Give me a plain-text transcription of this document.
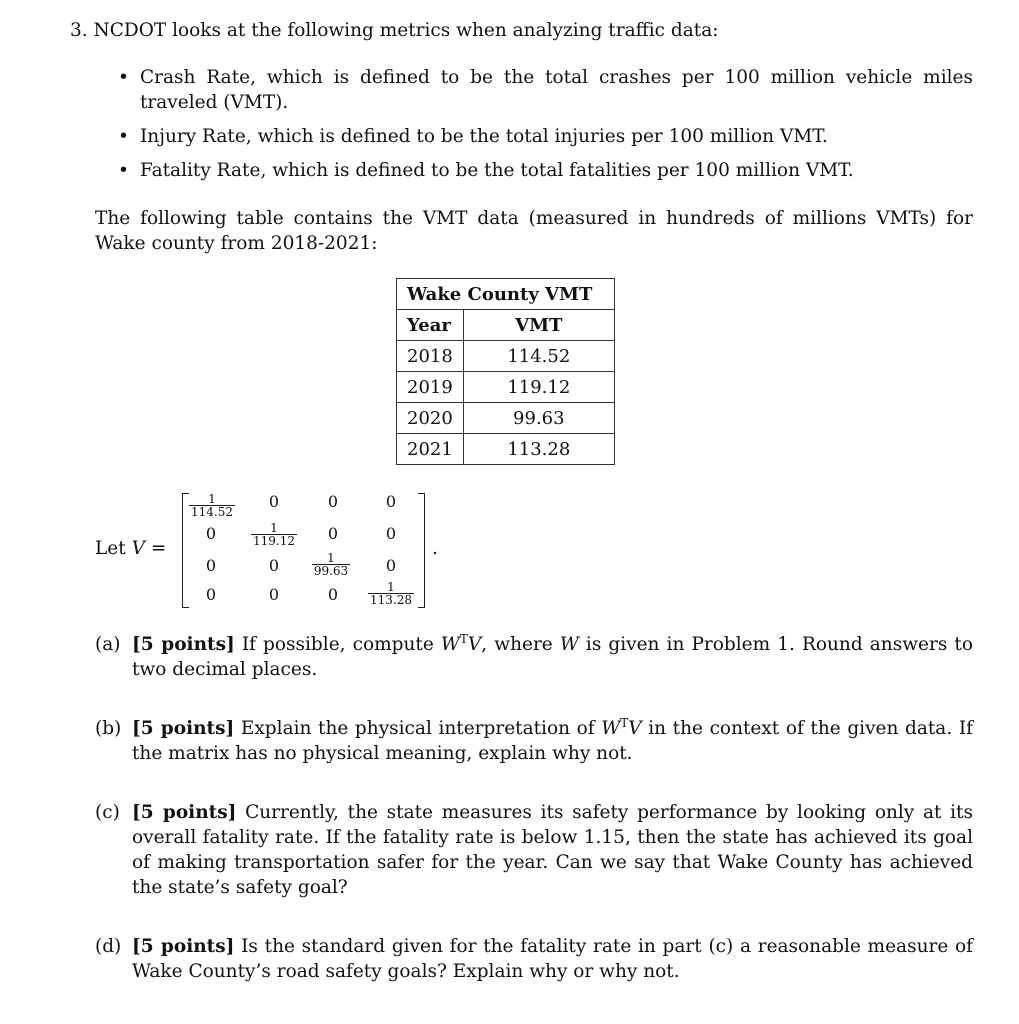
3. NCDOT looks at the following metrics when analyzing traffic data:
• Crash Rate, which is defined to be the total crashes per 100 million vehicle miles traveled (VMT).
• Injury Rate, which is defined to be the total injuries per 100 million VMT.
• Fatality Rate, which is defined to be the total fatalities per 100 million VMT.
The following table contains the VMT data (measured in hundreds of millions VMTs) for Wake county from 2018-2021:
Wake County VMT	
Year	VMT
2018	114.52
2019	119.12
2020	99.63
2021	113.28
Let V =
$\frac{1}{114.52}$	0	0	0
0	$\frac{1}{119.12}$	0	0
0	0	$\frac{1}{99.63}$	0
0	0	0	$\frac{1}{113.28}$
.
(a) [5 points] If possible, compute $W^TV$, where W is given in Problem 1. Round answers to two decimal places.
(b) [5 points] Explain the physical interpretation of $W^TV$ in the context of the given data. If the matrix has no physical meaning, explain why not.
(c) [5 points] Currently, the state measures its safety performance by looking only at its overall fatality rate. If the fatality rate is below 1.15, then the state has achieved its goal of making transportation safer for the year. Can we say that Wake County has achieved the state’s safety goal?
(d) [5 points] Is the standard given for the fatality rate in part (c) a reasonable measure of Wake County’s road safety goals? Explain why or why not.
